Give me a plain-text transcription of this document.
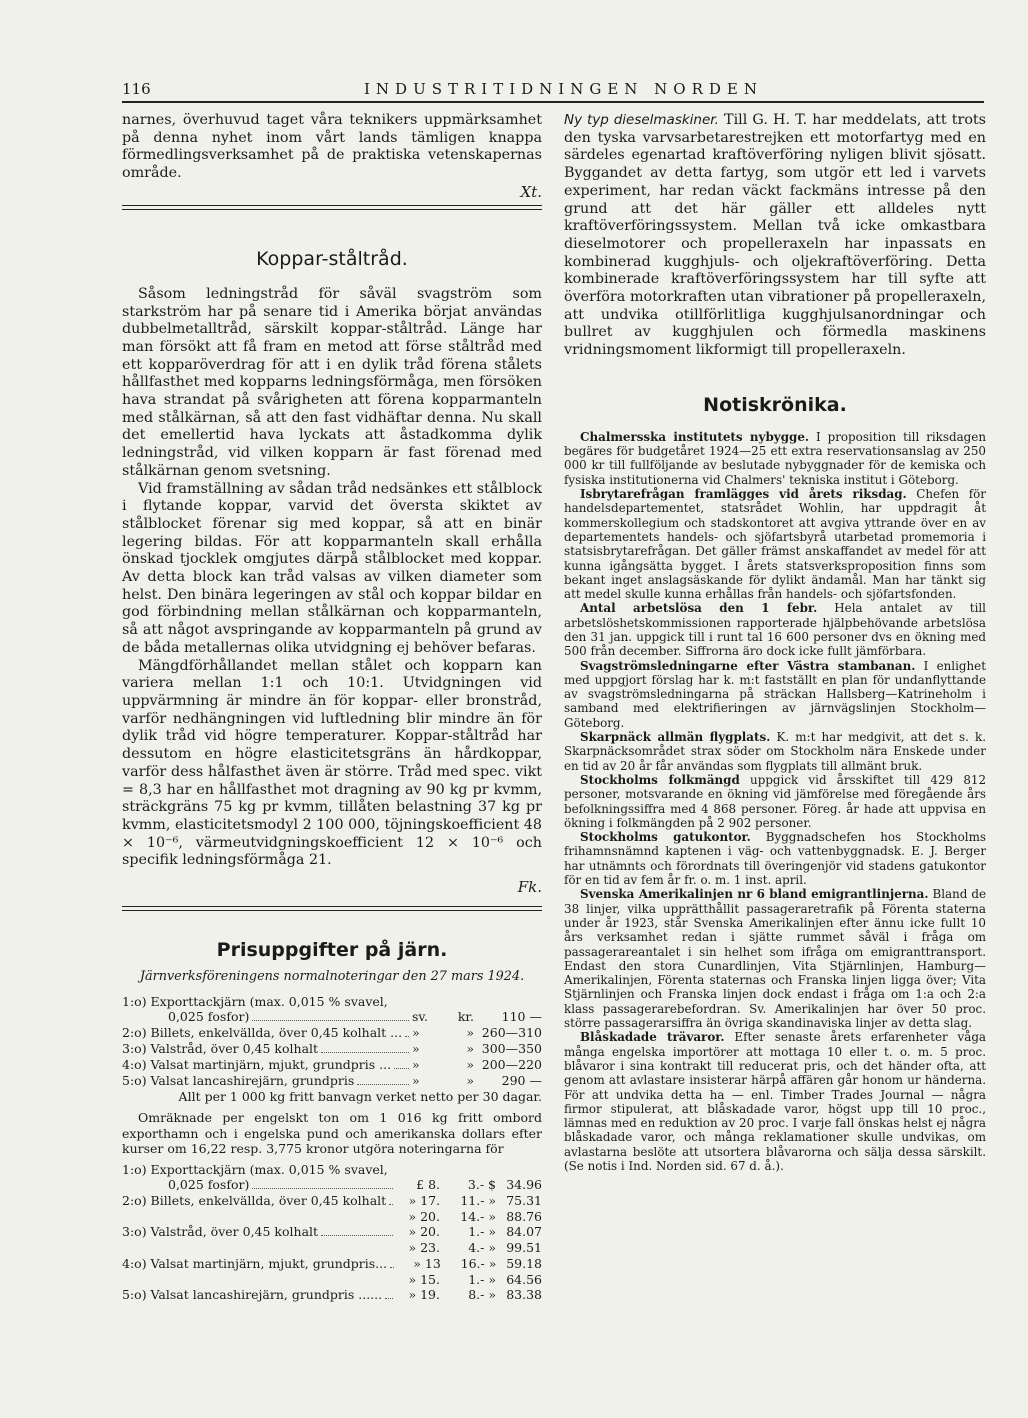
116	INDUSTRITIDNINGEN NORDEN

narnes, överhuvud taget våra teknikers uppmärksamhet på denna nyhet inom vårt lands tämligen knappa förmedlingsverksamhet på de praktiska vetenskapernas område.

Xt.

Koppar-ståltråd.

Såsom ledningstråd för såväl svagström som starkström har på senare tid i Amerika börjat användas dubbelmetalltråd, särskilt koppar-ståltråd. Länge har man försökt att få fram en metod att förse ståltråd med ett kopparöverdrag för att i en dylik tråd förena stålets hållfasthet med kopparns ledningsförmåga, men försöken hava strandat på svårigheten att förena kopparmanteln med stålkärnan, så att den fast vidhäftar denna. Nu skall det emellertid hava lyckats att åstadkomma dylik ledningstråd, vid vilken kopparn är fast förenad med stålkärnan genom svetsning.

Vid framställning av sådan tråd nedsänkes ett stålblock i flytande koppar, varvid det översta skiktet av stålblocket förenar sig med koppar, så att en binär legering bildas. För att kopparmanteln skall erhålla önskad tjocklek omgjutes därpå stålblocket med koppar. Av detta block kan tråd valsas av vilken diameter som helst. Den binära legeringen av stål och koppar bildar en god förbindning mellan stålkärnan och kopparmanteln, så att något avspringande av kopparmanteln på grund av de båda metallernas olika utvidgning ej behöver befaras.

Mängdförhållandet mellan stålet och kopparn kan variera mellan 1:1 och 10:1. Utvidgningen vid uppvärmning är mindre än för koppar- eller bronstråd, varför nedhängningen vid luftledning blir mindre än för dylik tråd vid högre temperaturer. Koppar-ståltråd har dessutom en högre elasticitetsgräns än hårdkoppar, varför dess hålfasthet även är större. Tråd med spec. vikt = 8,3 har en hållfasthet mot dragning av 90 kg pr kvmm, sträckgräns 75 kg pr kvmm, tillåten belastning 37 kg pr kvmm, elasticitetsmodyl 2 100 000, töjningskoefficient 48 × 10⁻⁶, värmeutvidgningskoefficient 12 × 10⁻⁶ och specifik ledningsförmåga 21.

Fk.

Prisuppgifter på järn.

Järnverksföreningens normalnoteringar den 27 mars 1924.

1:o) Exporttackjärn (max. 0,015 % svavel,
0,025 fosfor)	sv.	kr.	110 —
2:o) Billets, enkelvällda, över 0,45 kolhalt ... »	» 260—310
3:o) Valstråd, över 0,45 kolhalt	»	» 300—350
4:o) Valsat martinjärn, mjukt, grundpris ... »	» 200—220
5:o) Valsat lancashirejärn, grundpris	»	»	290 —

Allt per 1 000 kg fritt banvagn verket netto per 30 dagar.

Omräknade per engelskt ton om 1 016 kg fritt ombord exporthamn och i engelska pund och amerikanska dollars efter kurser om 16,22 resp. 3,775 kronor utgöra noteringarna för

1:o) Exporttackjärn (max. 0,015 % svavel,
0,025 fosfor)	£ 8.	3.- $ 34.96
2:o) Billets, enkelvällda, över 0,45 kolhalt	» 17.	11.- » 75.31
» 20.	14.- » 88.76
3:o) Valstråd, över 0,45 kolhalt	» 20.	1.- » 84.07
» 23.	4.- » 99.51
4:o) Valsat martinjärn, mjukt, grundpris...	» 13	16.- » 59.18
» 15.	1.- » 64.56
5:o) Valsat lancashirejärn, grundpris ......	» 19.	8.- » 83.38

Ny typ dieselmaskiner. Till G. H. T. har meddelats, att trots den tyska varvsarbetarestrejken ett motorfartyg med en särdeles egenartad kraftöverföring nyligen blivit sjösatt. Byggandet av detta fartyg, som utgör ett led i varvets experiment, har redan väckt fackmäns intresse på den grund att det här gäller ett alldeles nytt kraftöverföringssystem. Mellan två icke omkastbara dieselmotorer och propelleraxeln har inpassats en kombinerad kugghjuls- och oljekraftöverföring. Detta kombinerade kraftöverföringssystem har till syfte att överföra motorkraften utan vibrationer på propelleraxeln, att undvika otillförlitliga kugghjulsanordningar och bullret av kugghjulen och förmedla maskinens vridningsmoment likformigt till propelleraxeln.

Notiskrönika.

Chalmersska institutets nybygge. I proposition till riksdagen begäres för budgetåret 1924—25 ett extra reservationsanslag av 250 000 kr till fullföljande av beslutade nybyggnader för de kemiska och fysiska institutionerna vid Chalmers' tekniska institut i Göteborg.

Isbrytarefrågan framlägges vid årets riksdag. Chefen för handelsdepartementet, statsrådet Wohlin, har uppdragit åt kommerskollegium och stadskontoret att avgiva yttrande över en av departementets handels- och sjöfartsbyrå utarbetad promemoria i statsisbrytarefrågan. Det gäller främst anskaffandet av medel för att kunna igångsätta bygget. I årets statsverksproposition finns som bekant inget anslagsäskande för dylikt ändamål. Man har tänkt sig att medel skulle kunna erhållas från handels- och sjöfartsfonden.

Antal arbetslösa den 1 febr. Hela antalet av till arbetslöshetskommissionen rapporterade hjälpbehövande arbetslösa den 31 jan. uppgick till i runt tal 16 600 personer dvs en ökning med 500 från december. Siffrorna äro dock icke fullt jämförbara.

Svagströmsledningarne efter Västra stambanan. I enlighet med uppgjort förslag har k. m:t fastställt en plan för undanflyttande av svagströmsledningarna på sträckan Hallsberg—Katrineholm i samband med elektrifieringen av järnvägslinjen Stockholm—Göteborg.

Skarpnäck allmän flygplats. K. m:t har medgivit, att det s. k. Skarpnäcksområdet strax söder om Stockholm nära Enskede under en tid av 20 år får användas som flygplats till allmänt bruk.

Stockholms folkmängd uppgick vid årsskiftet till 429 812 personer, motsvarande en ökning vid jämförelse med föregående års befolkningssiffra med 4 868 personer. Föreg. år hade att uppvisa en ökning i folkmängden på 2 902 personer.

Stockholms gatukontor. Byggnadschefen hos Stockholms frihamnsnämnd kaptenen i väg- och vattenbyggnadsk. E. J. Berger har utnämnts och förordnats till överingenjör vid stadens gatukontor för en tid av fem år fr. o. m. 1 inst. april.

Svenska Amerikalinjen nr 6 bland emigrantlinjerna. Bland de 38 linjer, vilka upprätthållit passageraretrafik på Förenta staterna under år 1923, står Svenska Amerikalinjen efter ännu icke fullt 10 års verksamhet redan i sjätte rummet såväl i fråga om passagerareantalet i sin helhet som ifråga om emigranttransport. Endast den stora Cunardlinjen, Vita Stjärnlinjen, Hamburg—Amerikalinjen, Förenta staternas och Franska linjen ligga över; Vita Stjärnlinjen och Franska linjen dock endast i fråga om 1:a och 2:a klass passagerarebefordran. Sv. Amerikalinjen har över 50 proc. större passagerarsiffra än övriga skandinaviska linjer av detta slag.

Blåskadade trävaror. Efter senaste årets erfarenheter våga många engelska importörer att mottaga 10 eller t. o. m. 5 proc. blåvaror i sina kontrakt till reducerat pris, och det händer ofta, att genom att avlastare insisterar härpå affären går honom ur händerna. För att undvika detta ha — enl. Timber Trades Journal — några firmor stipulerat, att blåskadade varor, högst upp till 10 proc., lämnas med en reduktion av 20 proc. I varje fall önskas helst ej några blåskadade varor, och många reklamationer skulle undvikas, om avlastarna beslöte att utsortera blåvarorna och sälja dessa särskilt. (Se notis i Ind. Norden sid. 67 d. å.).
